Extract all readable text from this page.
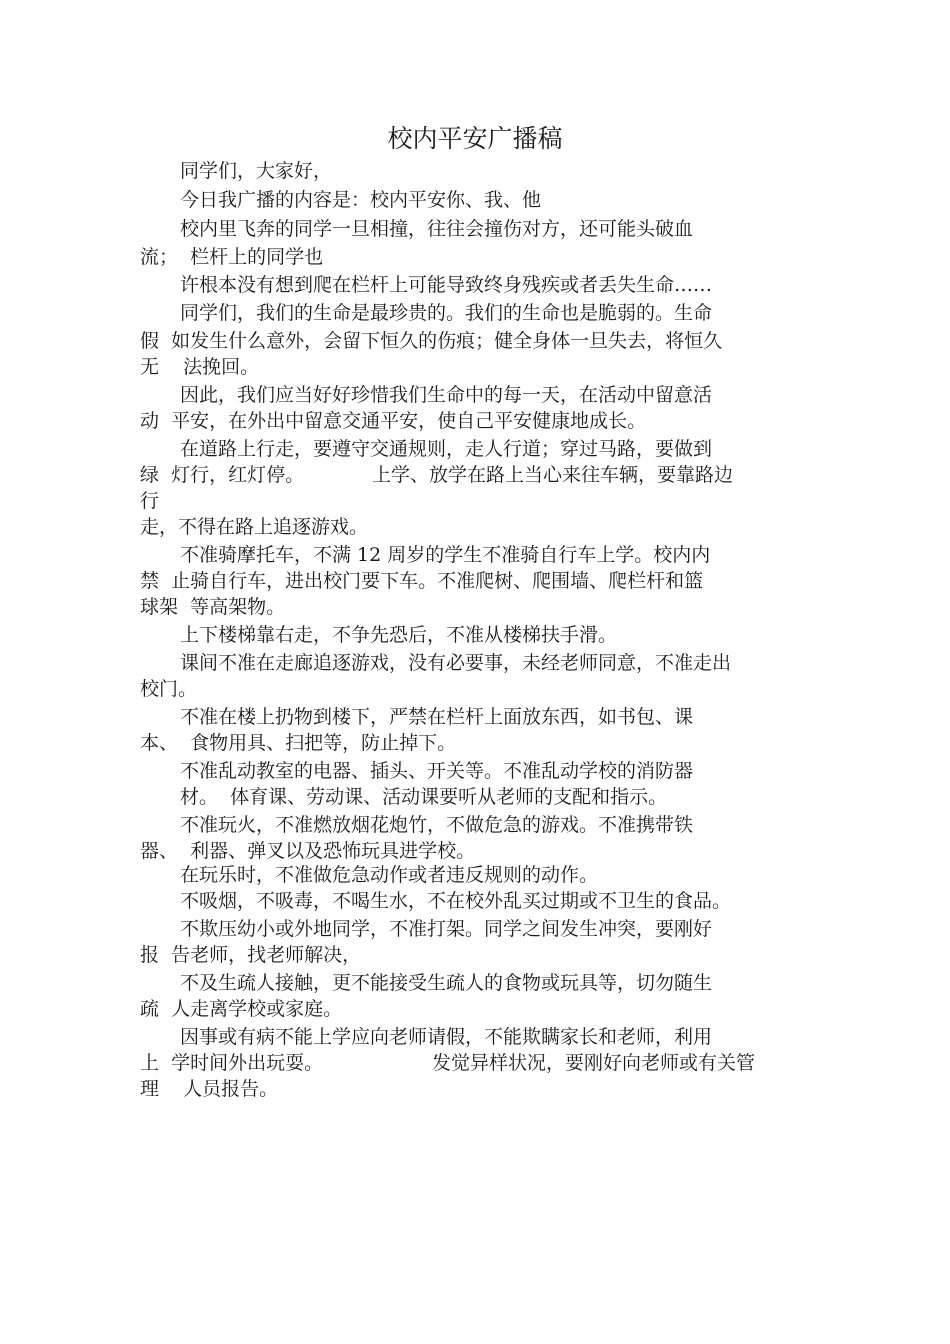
校内平安广播稿
同学们，大家好，
今日我广播的内容是：校内平安你、我、他
校内里飞奔的同学一旦相撞，往往会撞伤对方，还可能头破血
流；  栏杆上的同学也
许根本没有想到爬在栏杆上可能导致终身残疾或者丢失生命……
同学们，我们的生命是最珍贵的。我们的生命也是脆弱的。生命
假  如发生什么意外，会留下恒久的伤痕；健全身体一旦失去，将恒久
无    法挽回。
因此，我们应当好好珍惜我们生命中的每一天，在活动中留意活
动  平安，在外出中留意交通平安，使自己平安健康地成长。
在道路上行走，要遵守交通规则，走人行道；穿过马路，要做到
绿  灯行，红灯停。	上学、放学在路上当心来往车辆，要靠路边
行
走，不得在路上追逐游戏。
不准骑摩托车，不满 12 周岁的学生不准骑自行车上学。校内内
禁  止骑自行车，进出校门要下车。不准爬树、爬围墙、爬栏杆和篮
球架  等高架物。
上下楼梯靠右走，不争先恐后，不准从楼梯扶手滑。
课间不准在走廊追逐游戏，没有必要事，未经老师同意，不准走出
校门。
不准在楼上扔物到楼下，严禁在栏杆上面放东西，如书包、课
本、  食物用具、扫把等，防止掉下。
不准乱动教室的电器、插头、开关等。不准乱动学校的消防器
材。  体育课、劳动课、活动课要听从老师的支配和指示。
不准玩火，不准燃放烟花炮竹，不做危急的游戏。不准携带铁
器、  利器、弹叉以及恐怖玩具进学校。
在玩乐时，不准做危急动作或者违反规则的动作。
不吸烟，不吸毒，不喝生水，不在校外乱买过期或不卫生的食品。
不欺压幼小或外地同学，不准打架。同学之间发生冲突，要刚好
报  告老师，找老师解决，
不及生疏人接触，更不能接受生疏人的食物或玩具等，切勿随生
疏  人走离学校或家庭。
因事或有病不能上学应向老师请假，不能欺瞒家长和老师，利用
上  学时间外出玩耍。	发觉异样状况，要刚好向老师或有关管
理    人员报告。
